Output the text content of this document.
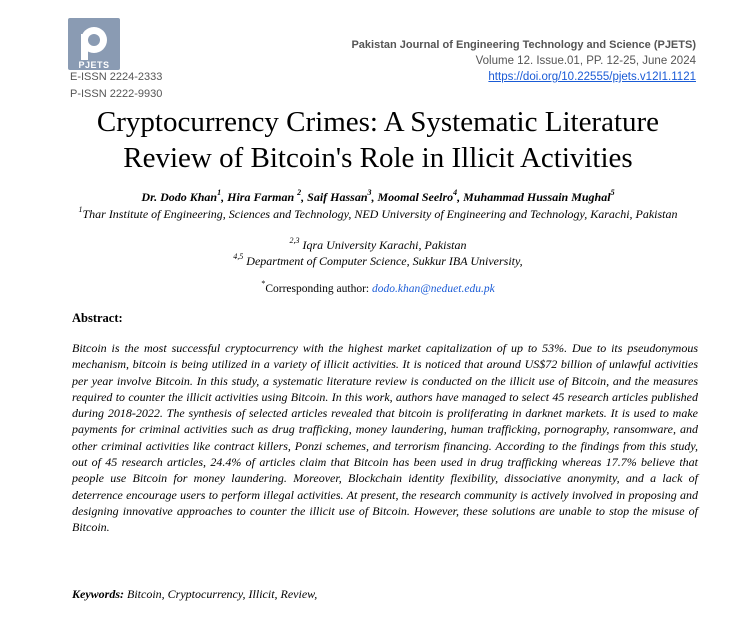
PJETS
E-ISSN 2224-2333
P-ISSN 2222-9930
Pakistan Journal of Engineering Technology and Science (PJETS)
Volume 12. Issue.01, PP. 12-25, June 2024
https://doi.org/10.22555/pjets.v12I1.1121
Cryptocurrency Crimes: A Systematic Literature
Review of Bitcoin's Role in Illicit Activities
Dr. Dodo Khan$^1$, Hira Farman $^2$, Saif Hassan$^3$, Moomal Seelro$^4$, Muhammad Hussain Mughal$^5$
$^1$Thar Institute of Engineering, Sciences and Technology, NED University of Engineering and Technology, Karachi, Pakistan
$^{2,3}$ Iqra University Karachi, Pakistan
$^{4,5}$ Department of Computer Science, Sukkur IBA University,
*Corresponding author: dodo.khan@neduet.edu.pk
Abstract:
Bitcoin is the most successful cryptocurrency with the highest market capitalization of up to 53%. Due to its pseudonymous mechanism, bitcoin is being utilized in a variety of illicit activities. It is noticed that around US$72 billion of unlawful activities per year involve Bitcoin. In this study, a systematic literature review is conducted on the illicit use of Bitcoin, and the measures required to counter the illicit activities using Bitcoin. In this work, authors have managed to select 45 research articles published during 2018-2022. The synthesis of selected articles revealed that bitcoin is proliferating in darknet markets. It is used to make payments for criminal activities such as drug trafficking, money laundering, human trafficking, pornography, ransomware, and other criminal activities like contract killers, Ponzi schemes, and terrorism financing. According to the findings from this study, out of 45 research articles, 24.4% of articles claim that Bitcoin has been used in drug trafficking whereas 17.7% believe that people use Bitcoin for money laundering. Moreover, Blockchain identity flexibility, dissociative anonymity, and a lack of deterrence encourage users to perform illegal activities. At present, the research community is actively involved in proposing and designing innovative approaches to counter the illicit use of Bitcoin. However, these solutions are unable to stop the misuse of Bitcoin.
Keywords: Bitcoin, Cryptocurrency, Illicit, Review,
